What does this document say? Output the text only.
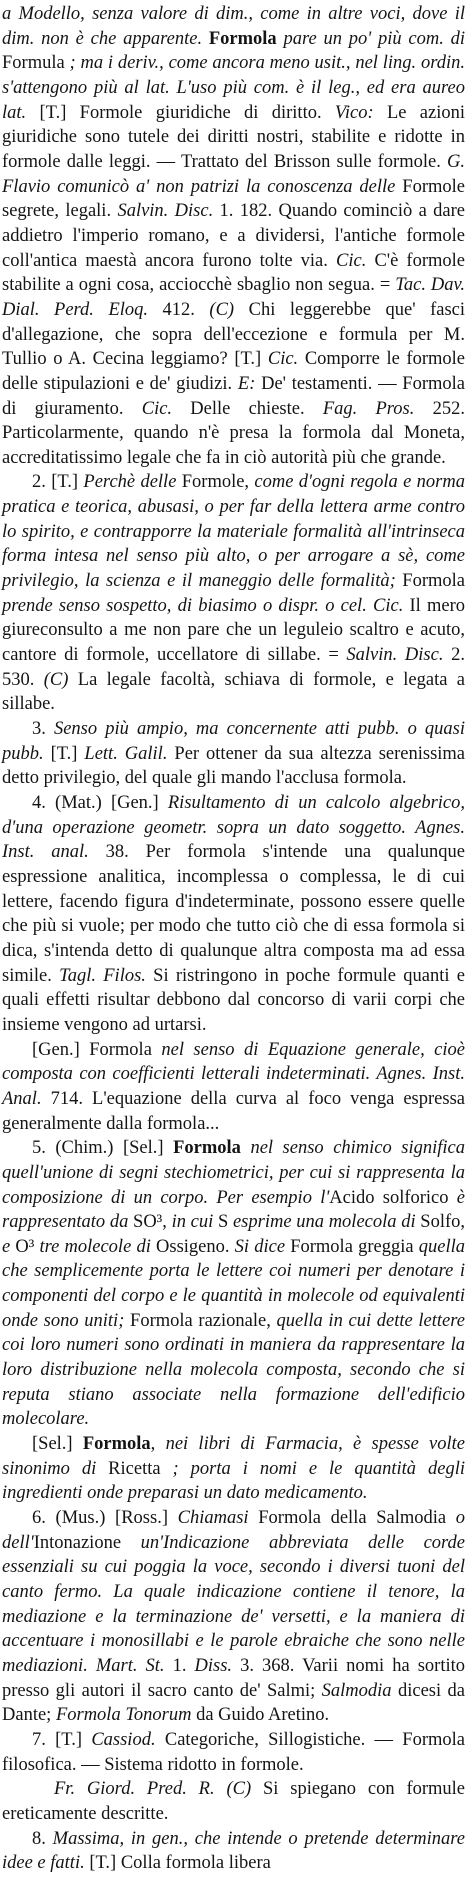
a Modello, senza valore di dim., come in altre voci, dove il dim. non è che apparente. Formola pare un po' più com. di Formula ; ma i deriv., come ancora meno usit., nel ling. ordin. s'attengono più al lat. L'uso più com. è il leg., ed era aureo lat. [T.] Formole giuridiche di diritto. Vico: Le azioni giuridiche sono tutele dei diritti nostri, stabilite e ridotte in formole dalle leggi. — Trattato del Brisson sulle formole. G. Flavio comunicò a' non patrizi la conoscenza delle Formole segrete, legali. Salvin. Disc. 1. 182. Quando cominciò a dare addietro l'imperio romano, e a dividersi, l'antiche formole coll'antica maestà ancora furono tolte via. Cic. C'è formole stabilite a ogni cosa, acciocchè sbaglio non segua. = Tac. Dav. Dial. Perd. Eloq. 412. (C) Chi leggerebbe que' fasci d'allegazione, che sopra dell'eccezione e formula per M. Tullio o A. Cecina leggiamo? [T.] Cic. Comporre le formole delle stipulazioni e de' giudizi. E: De' testamenti. — Formola di giuramento. Cic. Delle chieste. Fag. Pros. 252. Particolarmente, quando n'è presa la formola dal Moneta, accreditatissimo legale che fa in ciò autorità più che grande.

2. [T.] Perchè delle Formole, come d'ogni regola e norma pratica e teorica, abusasi, o per far della lettera arme contro lo spirito, e contrapporre la materiale formalità all'intrinseca forma intesa nel senso più alto, o per arrogare a sè, come privilegio, la scienza e il maneggio delle formalità; Formola prende senso sospetto, di biasimo o dispr. o cel. Cic. Il mero giureconsulto a me non pare che un leguleio scaltro e acuto, cantore di formole, uccellatore di sillabe. = Salvin. Disc. 2. 530. (C) La legale facoltà, schiava di formole, e legata a sillabe.

3. Senso più ampio, ma concernente atti pubb. o quasi pubb. [T.] Lett. Galil. Per ottener da sua altezza serenissima detto privilegio, del quale gli mando l'acclusa formola.

4. (Mat.) [Gen.] Risultamento di un calcolo algebrico, d'una operazione geometr. sopra un dato soggetto. Agnes. Inst. anal. 38. Per formola s'intende una qualunque espressione analitica, incomplessa o complessa, le di cui lettere, facendo figura d'indeterminate, possono essere quelle che più si vuole; per modo che tutto ciò che di essa formola si dica, s'intenda detto di qualunque altra composta ma ad essa simile. Tagl. Filos. Si ristringono in poche formule quanti e quali effetti risultar debbono dal concorso di varii corpi che insieme vengono ad urtarsi.

[Gen.] Formola nel senso di Equazione generale, cioè composta con coefficienti letterali indeterminati. Agnes. Inst. Anal. 714. L'equazione della curva al foco venga espressa generalmente dalla formola...

5. (Chim.) [Sel.] Formola nel senso chimico significa quell'unione di segni stechiometrici, per cui si rappresenta la composizione di un corpo. Per esempio l'Acido solforico è rappresentato da SO³, in cui S esprime una molecola di Solfo, e O³ tre molecole di Ossigeno. Si dice Formola greggia quella che semplicemente porta le lettere coi numeri per denotare i componenti del corpo e le quantità in molecole od equivalenti onde sono uniti; Formola razionale, quella in cui dette lettere coi loro numeri sono ordinati in maniera da rappresentare la loro distribuzione nella molecola composta, secondo che si reputa stiano associate nella formazione dell'edificio molecolare.

[Sel.] Formola, nei libri di Farmacia, è spesse volte sinonimo di Ricetta ; porta i nomi e le quantità degli ingredienti onde preparasi un dato medicamento.

6. (Mus.) [Ross.] Chiamasi Formola della Salmodia o dell'Intonazione un'Indicazione abbreviata delle corde essenziali su cui poggia la voce, secondo i diversi tuoni del canto fermo. La quale indicazione contiene il tenore, la mediazione e la terminazione de' versetti, e la maniera di accentuare i monosillabi e le parole ebraiche che sono nelle mediazioni. Mart. St. 1. Diss. 3. 368. Varii nomi ha sortito presso gli autori il sacro canto de' Salmi; Salmodia dicesi da Dante; Formola Tonorum da Guido Aretino.

7. [T.] Cassiod. Categoriche, Sillogistiche. — Formola filosofica. — Sistema ridotto in formole.

Fr. Giord. Pred. R. (C) Si spiegano con formule ereticamente descritte.

8. Massima, in gen., che intende o pretende determinare idee e fatti. [T.] Colla formola libera
